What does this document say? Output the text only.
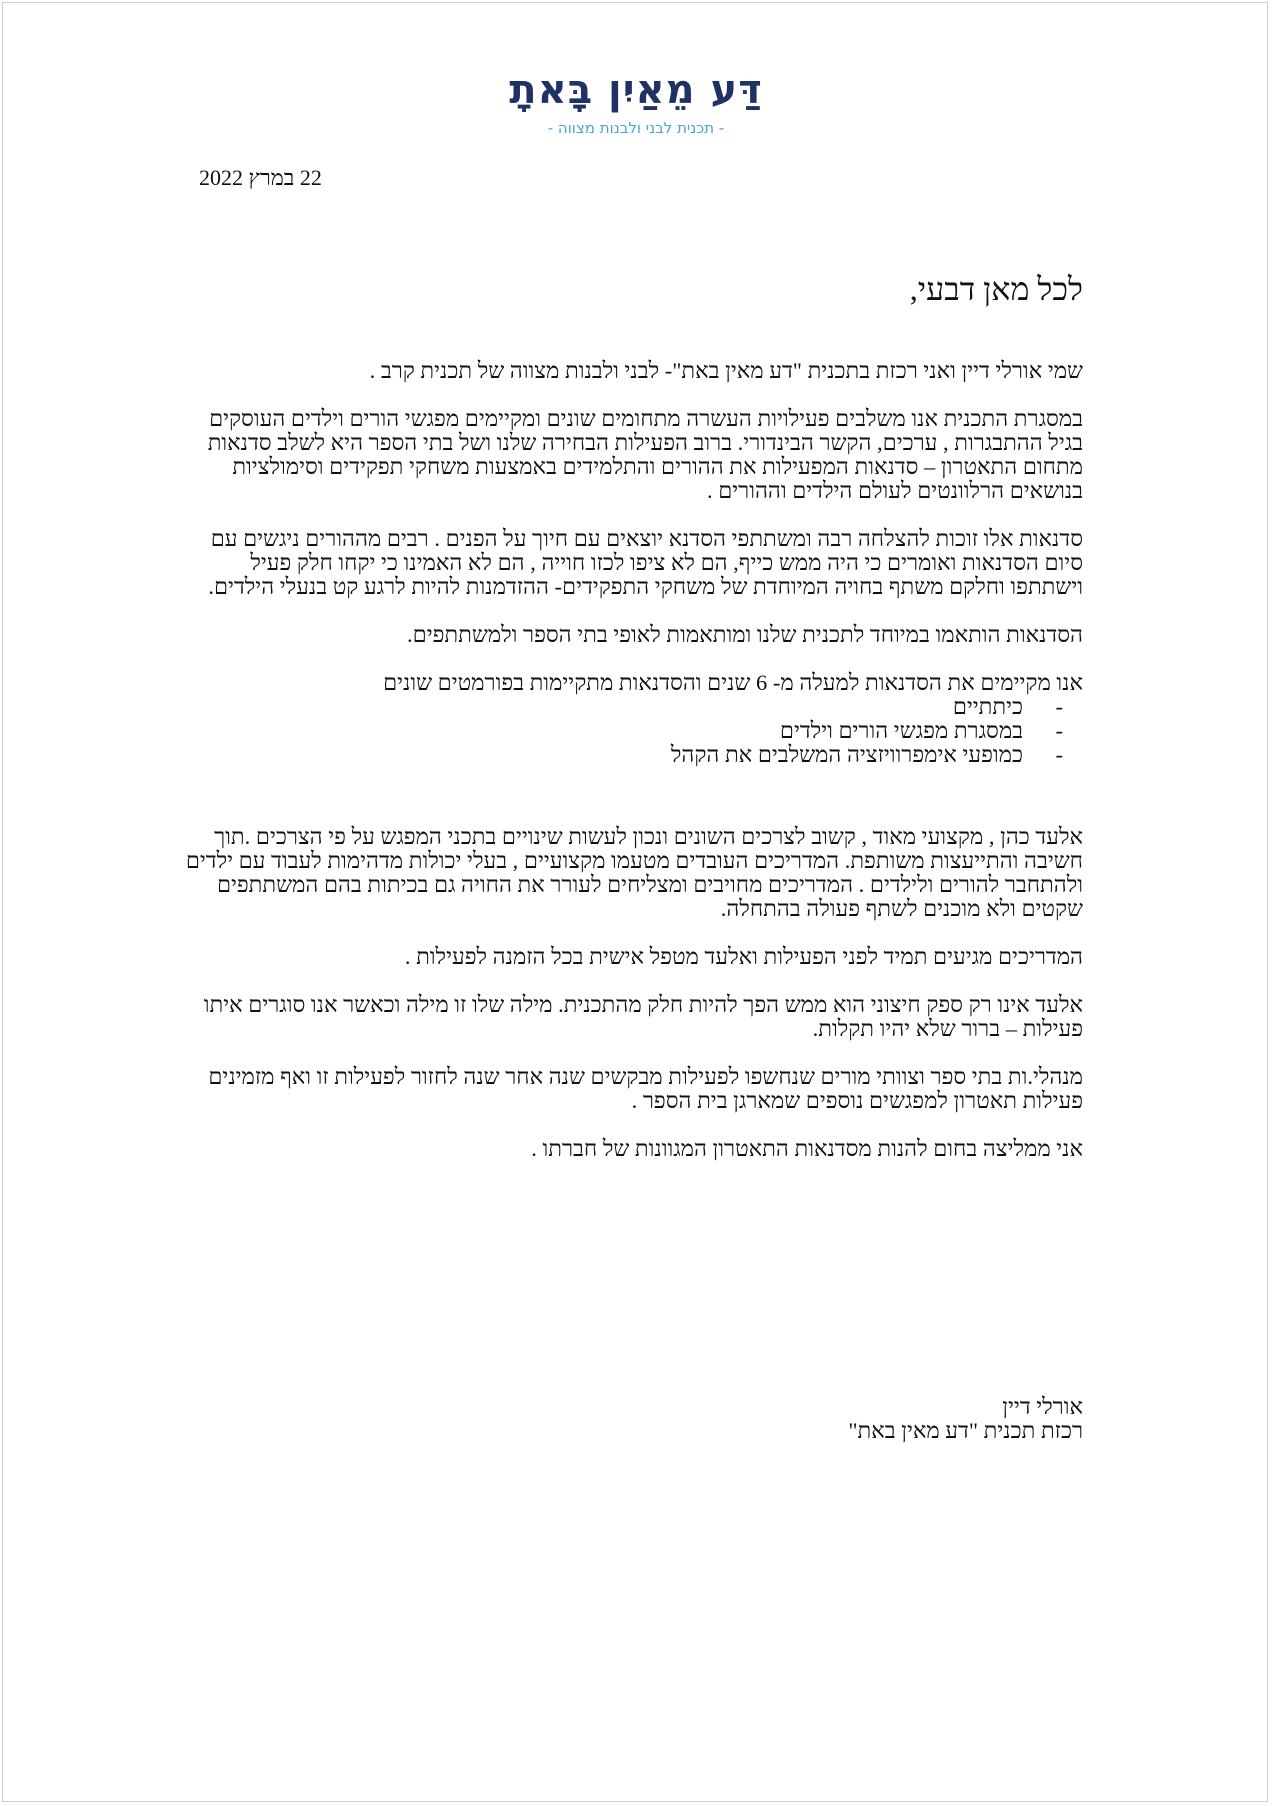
דַּע מֵאַיִן בָּאתָ
- תכנית לבני ולבנות מצווה -
22 במרץ 2022
לכל מאן דבעי,

שמי אורלי דיין ואני רכזת בתכנית "דע מאין באת"- לבני ולבנות מצווה של תכנית קרב .

במסגרת התכנית אנו משלבים פעילויות העשרה מתחומים שונים ומקיימים מפגשי הורים וילדים העוסקים בגיל ההתבגרות , ערכים, הקשר הבינדורי. ברוב הפעילות הבחירה שלנו ושל בתי הספר היא לשלב סדנאות מתחום התאטרון – סדנאות המפעילות את ההורים והתלמידים באמצעות משחקי תפקידים וסימולציות בנושאים הרלוונטים לעולם הילדים וההורים .

סדנאות אלו זוכות להצלחה רבה ומשתתפי הסדנא יוצאים עם חיוך על הפנים . רבים מההורים ניגשים עם סיום הסדנאות ואומרים כי היה ממש כייף, הם לא ציפו לכזו חוייה , הם לא האמינו כי יקחו חלק פעיל וישתתפו וחלקם משתף בחויה המיוחדת של משחקי התפקידים- ההזדמנות להיות לרגע קט בנעלי הילדים.

הסדנאות הותאמו במיוחד לתכנית שלנו ומותאמות לאופי בתי הספר ולמשתתפים.

אנו מקיימים את הסדנאות למעלה מ- 6 שנים והסדנאות מתקיימות בפורמטים שונים

-כיתתיים
-במסגרת מפגשי הורים וילדים
-כמופעי אימפרוויזציה המשלבים את הקהל

אלעד כהן , מקצועי מאוד , קשוב לצרכים השונים ונכון לעשות שינויים בתכני המפגש על פי הצרכים .תוך חשיבה והתייעצות משותפת. המדריכים העובדים מטעמו מקצועיים , בעלי יכולות מדהימות לעבוד עם ילדים ולהתחבר להורים ולילדים . המדריכים מחויבים ומצליחים לעורר את החויה גם בכיתות בהם המשתתפים שקטים ולא מוכנים לשתף פעולה בהתחלה.

המדריכים מגיעים תמיד לפני הפעילות ואלעד מטפל אישית בכל הזמנה לפעילות .

אלעד אינו רק ספק חיצוני הוא ממש הפך להיות חלק מהתכנית. מילה שלו זו מילה וכאשר אנו סוגרים איתו פעילות – ברור שלא יהיו תקלות.

מנהלי.ות בתי ספר וצוותי מורים שנחשפו לפעילות מבקשים שנה אחר שנה לחזור לפעילות זו ואף מזמינים פעילות תאטרון למפגשים נוספים שמארגן בית הספר .

אני ממליצה בחום להנות מסדנאות התאטרון המגוונות של חברתו .

אורלי דיין
רכזת תכנית "דע מאין באת"
